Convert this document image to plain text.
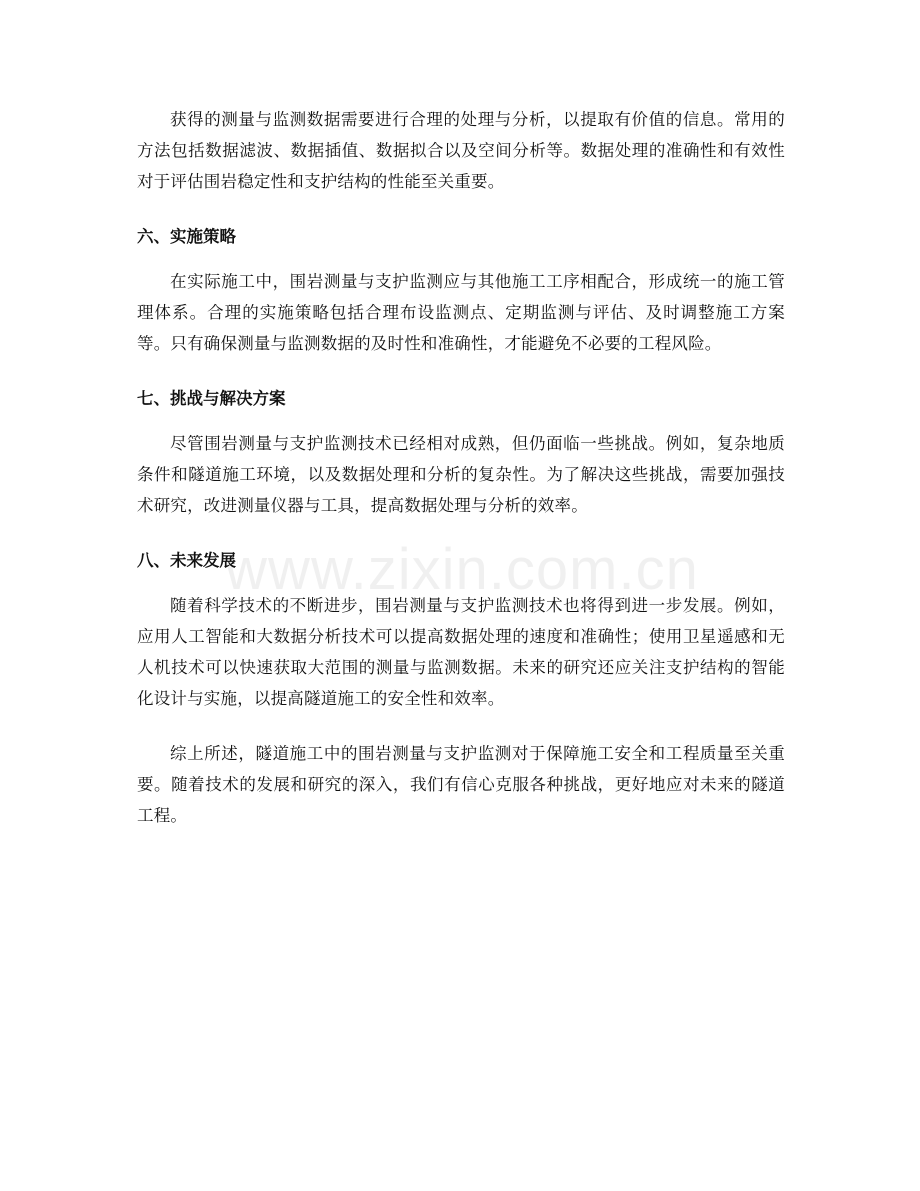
获得的测量与监测数据需要进行合理的处理与分析，以提取有价值的信息。常用的方法包括数据滤波、数据插值、数据拟合以及空间分析等。数据处理的准确性和有效性对于评估围岩稳定性和支护结构的性能至关重要。

六、实施策略

在实际施工中，围岩测量与支护监测应与其他施工工序相配合，形成统一的施工管理体系。合理的实施策略包括合理布设监测点、定期监测与评估、及时调整施工方案等。只有确保测量与监测数据的及时性和准确性，才能避免不必要的工程风险。

七、挑战与解决方案

尽管围岩测量与支护监测技术已经相对成熟，但仍面临一些挑战。例如，复杂地质条件和隧道施工环境，以及数据处理和分析的复杂性。为了解决这些挑战，需要加强技术研究，改进测量仪器与工具，提高数据处理与分析的效率。

八、未来发展

随着科学技术的不断进步，围岩测量与支护监测技术也将得到进一步发展。例如，应用人工智能和大数据分析技术可以提高数据处理的速度和准确性；使用卫星遥感和无人机技术可以快速获取大范围的测量与监测数据。未来的研究还应关注支护结构的智能化设计与实施，以提高隧道施工的安全性和效率。

综上所述，隧道施工中的围岩测量与支护监测对于保障施工安全和工程质量至关重要。随着技术的发展和研究的深入，我们有信心克服各种挑战，更好地应对未来的隧道工程。

www.zixin.com.cn
